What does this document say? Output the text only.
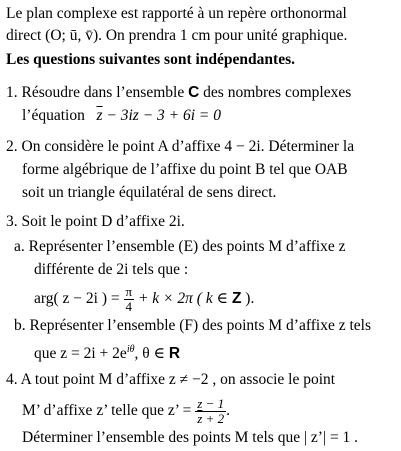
Le plan complexe est rapporté à un repère orthonormal
direct (O; ū, v̄). On prendra 1 cm pour unité graphique.
Les questions suivantes sont indépendantes.
1. Résoudre dans l’ensemble C des nombres complexes
l’équation $\overline{z} - 3iz - 3 + 6i = 0$
2. On considère le point A d’affixe 4 − 2i. Déterminer la
forme algébrique de l’affixe du point B tel que OAB
soit un triangle équilatéral de sens direct.
3. Soit le point D d’affixe 2i.
a. Représenter l’ensemble (E) des points M d’affixe z
différente de 2i tels que :
arg( z − 2i ) = $\frac{\pi}{4} + k \times 2\pi$ ( k ∈ Z ).
b. Représenter l’ensemble (F) des points M d’affixe z tels
que $z = 2i + 2e^{i\theta}$, θ ∈ R
4. A tout point M d’affixe z ≠ −2 , on associe le point
M’ d’affixe z’ telle que z’ = $\frac{z - 1}{\overline{z} + 2}$ .
Déterminer l’ensemble des points M tels que | z’| = 1 .
